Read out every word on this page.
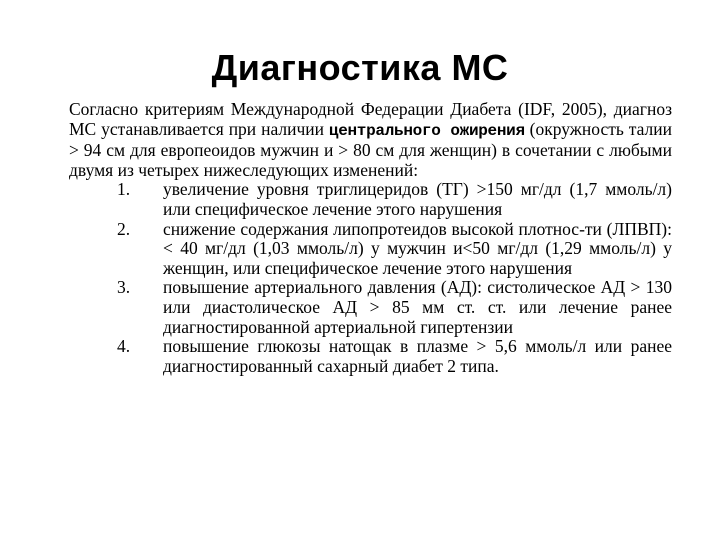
Диагностика МС

Согласно критериям Международной Федерации Диабета (IDF, 2005), диагноз МС устанавливается при наличии центрального ожирения (окружность талии > 94 см для европеоидов мужчин и > 80 см для женщин) в сочетании с любыми двумя из четырех нижеследующих изменений:

1.	увеличение уровня триглицеридов (ТГ) >150 мг/дл (1,7 ммоль/л) или специфическое лечение этого нарушения
2.	снижение содержания липопротеидов высокой плотнос-ти (ЛПВП): < 40 мг/дл (1,03 ммоль/л) у мужчин и<50 мг/дл (1,29 ммоль/л) у женщин, или специфическое лечение этого нарушения
3.	повышение артериального давления (АД): систолическое АД > 130 или диастолическое АД > 85 мм ст. ст. или лечение ранее диагностированной артериальной гипертензии
4.	повышение глюкозы натощак в плазме > 5,6 ммоль/л или ранее диагностированный сахарный диабет 2 типа.
